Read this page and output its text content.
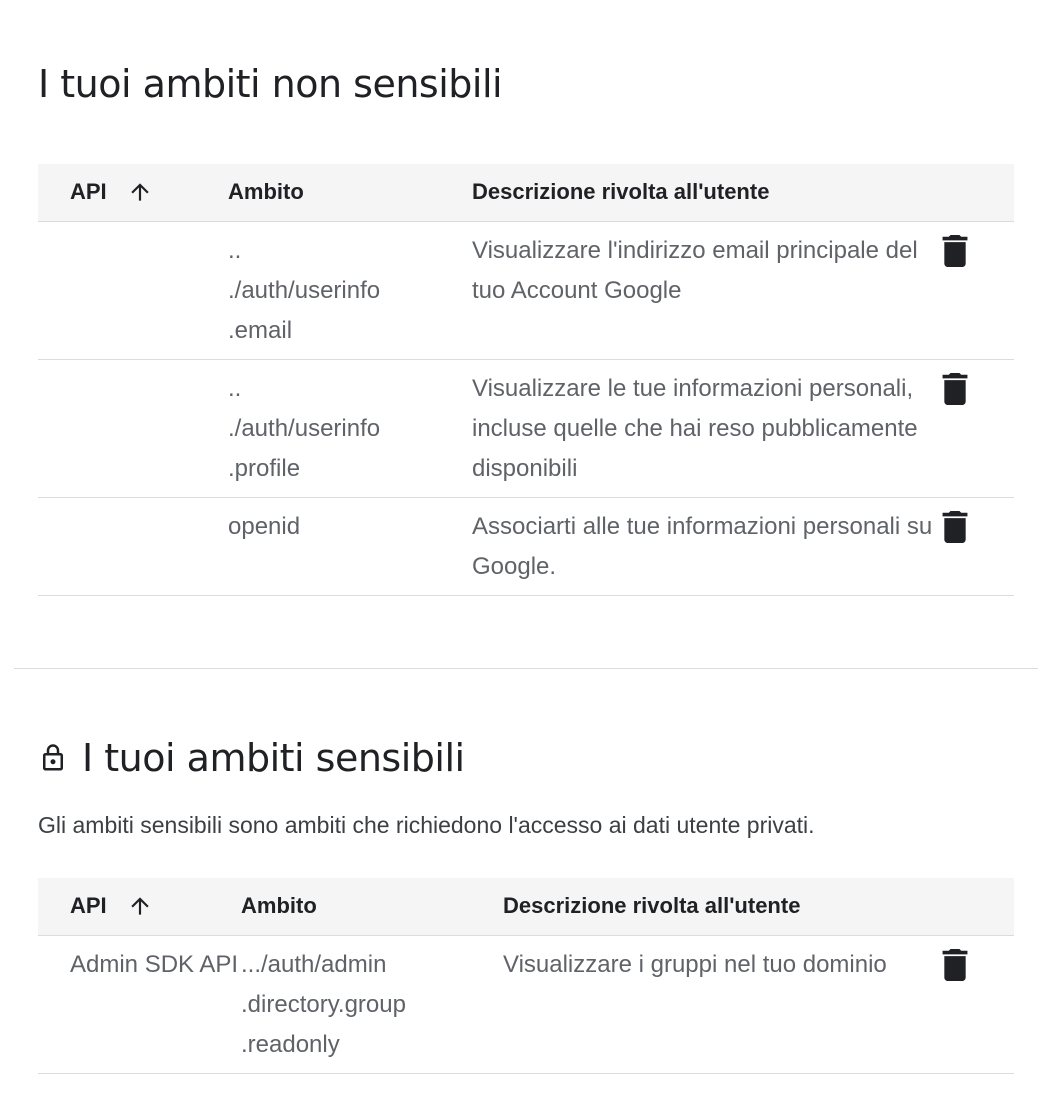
I tuoi ambiti non sensibili
API	Ambito	Descrizione rivolta all'utente	

	..
./auth/userinfo
.email	Visualizzare l'indirizzo email principale del tuo Account Google	

	..
./auth/userinfo
.profile	Visualizzare le tue informazioni personali, incluse quelle che hai reso pubblicamente disponibili	

	openid	Associarti alle tue informazioni personali su Google.	
I tuoi ambiti sensibili
Gli ambiti sensibili sono ambiti che richiedono l'accesso ai dati utente privati.
API	Ambito	Descrizione rivolta all'utente	
Admin SDK API	.../auth/admin
.directory.group
.readonly	Visualizzare i gruppi nel tuo dominio	
